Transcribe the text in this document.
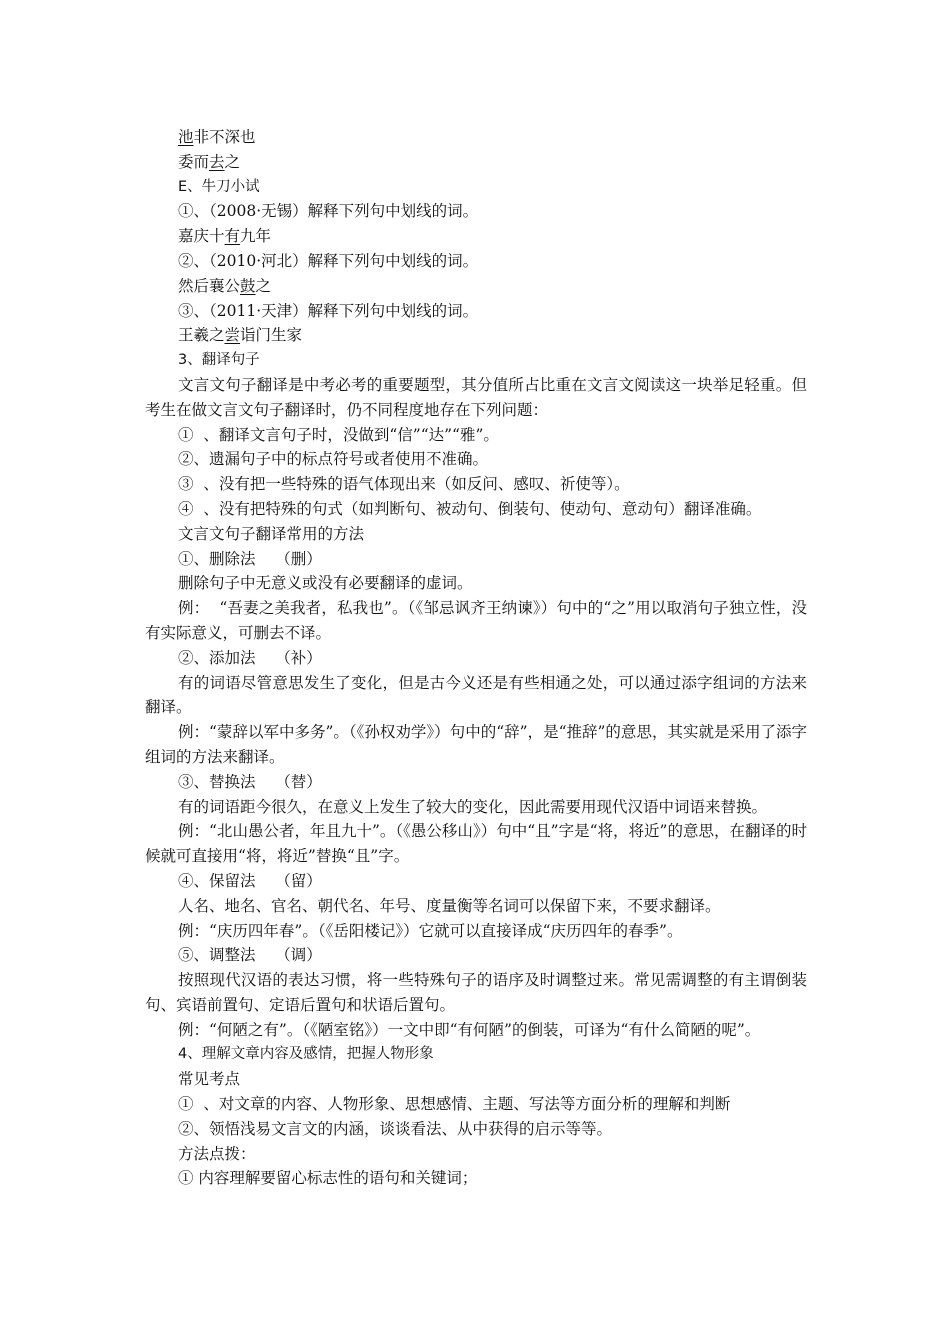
池非不深也
委而去之
E、牛刀小试
①、（2008·无锡）解释下列句中划线的词。
嘉庆十有九年
②、（2010·河北）解释下列句中划线的词。
然后襄公鼓之
③、（2011·天津）解释下列句中划线的词。
王羲之尝诣门生家
3、翻译句子
文言文句子翻译是中考必考的重要题型，其分值所占比重在文言文阅读这一块举足轻重。但考生在做文言文句子翻译时，仍不同程度地存在下列问题：
①  、翻译文言句子时，没做到“信”“达”“雅”。
②、遗漏句子中的标点符号或者使用不准确。
③  、没有把一些特殊的语气体现出来（如反问、感叹、祈使等）。
④  、没有把特殊的句式（如判断句、被动句、倒装句、使动句、意动句）翻译准确。
文言文句子翻译常用的方法
①、删除法    （删）
删除句子中无意义或没有必要翻译的虚词。
例：  “吾妻之美我者，私我也”。（《邹忌讽齐王纳谏》）句中的“之”用以取消句子独立性，没有实际意义，可删去不译。
②、添加法    （补）
有的词语尽管意思发生了变化，但是古今义还是有些相通之处，可以通过添字组词的方法来翻译。
例：“蒙辞以军中多务”。（《孙权劝学》）句中的“辞”，是“推辞”的意思，其实就是采用了添字组词的方法来翻译。
③、替换法    （替）
有的词语距今很久，在意义上发生了较大的变化，因此需要用现代汉语中词语来替换。
例：“北山愚公者，年且九十”。（《愚公移山》）句中“且”字是“将，将近”的意思，在翻译的时候就可直接用“将，将近”替换“且”字。
④、保留法    （留）
人名、地名、官名、朝代名、年号、度量衡等名词可以保留下来，不要求翻译。
例：“庆历四年春”。（《岳阳楼记》）它就可以直接译成“庆历四年的春季”。
⑤、调整法    （调）
按照现代汉语的表达习惯，将一些特殊句子的语序及时调整过来。常见需调整的有主谓倒装句、宾语前置句、定语后置句和状语后置句。
例：“何陋之有”。（《陋室铭》）一文中即“有何陋”的倒装，可译为“有什么简陋的呢”。
4、理解文章内容及感情，把握人物形象
常见考点
①  、对文章的内容、人物形象、思想感情、主题、写法等方面分析的理解和判断
②、领悟浅易文言文的内涵，谈谈看法、从中获得的启示等等。
方法点拨：
① 内容理解要留心标志性的语句和关键词；
